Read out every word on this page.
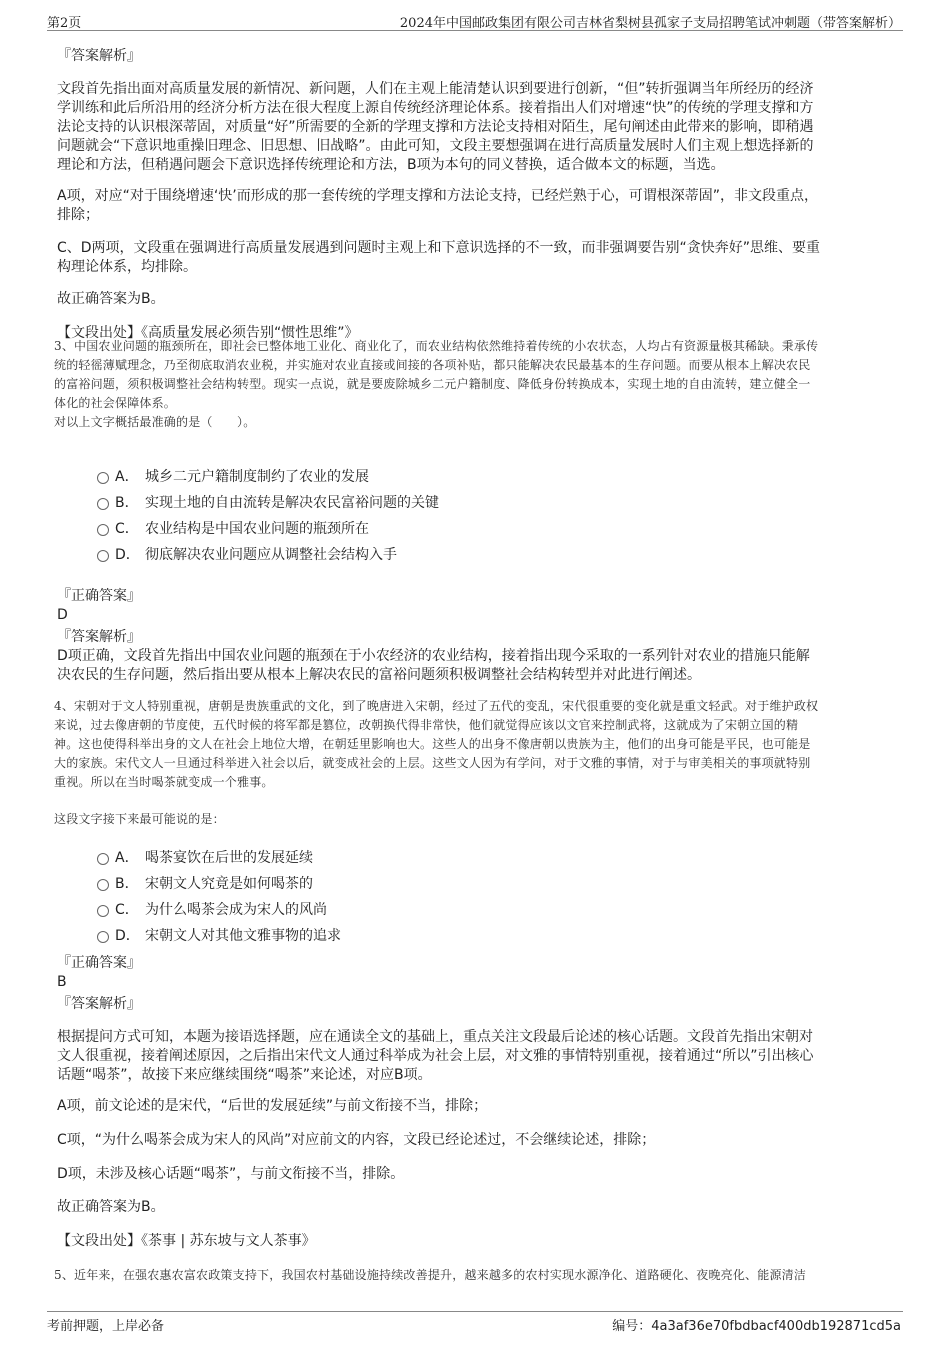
第2页	2024年中国邮政集团有限公司吉林省梨树县孤家子支局招聘笔试冲刺题（带答案解析）

『答案解析』

文段首先指出面对高质量发展的新情况、新问题，人们在主观上能清楚认识到要进行创新，“但”转折强调当年所经历的经济

学训练和此后所沿用的经济分析方法在很大程度上源自传统经济理论体系。接着指出人们对增速“快”的传统的学理支撑和方

法论支持的认识根深蒂固，对质量“好”所需要的全新的学理支撑和方法论支持相对陌生，尾句阐述由此带来的影响，即稍遇

问题就会“下意识地重操旧理念、旧思想、旧战略”。由此可知，文段主要想强调在进行高质量发展时人们主观上想选择新的

理论和方法，但稍遇问题会下意识选择传统理论和方法，B项为本句的同义替换，适合做本文的标题，当选。

A项，对应“对于围绕增速‘快’而形成的那一套传统的学理支撑和方法论支持，已经烂熟于心，可谓根深蒂固”，非文段重点，

排除；

C、D两项，文段重在强调进行高质量发展遇到问题时主观上和下意识选择的不一致，而非强调要告别“贪快奔好”思维、要重

构理论体系，均排除。

故正确答案为B。

【文段出处】《高质量发展必须告别“惯性思维”》

3、中国农业问题的瓶颈所在，即社会已整体地工业化、商业化了，而农业结构依然维持着传统的小农状态，人均占有资源量极其稀缺。秉承传

统的轻徭薄赋理念，乃至彻底取消农业税，并实施对农业直接或间接的各项补贴，都只能解决农民最基本的生存问题。而要从根本上解决农民

的富裕问题，须积极调整社会结构转型。现实一点说，就是要废除城乡二元户籍制度、降低身份转换成本，实现土地的自由流转，建立健全一

体化的社会保障体系。

对以上文字概括最准确的是（　　）。

A． 城乡二元户籍制度制约了农业的发展
B． 实现土地的自由流转是解决农民富裕问题的关键
C． 农业结构是中国农业问题的瓶颈所在
D． 彻底解决农业问题应从调整社会结构入手

『正确答案』

D

『答案解析』

D项正确，文段首先指出中国农业问题的瓶颈在于小农经济的农业结构，接着指出现今采取的一系列针对农业的措施只能解

决农民的生存问题，然后指出要从根本上解决农民的富裕问题须积极调整社会结构转型并对此进行阐述。

4、宋朝对于文人特别重视，唐朝是贵族重武的文化，到了晚唐进入宋朝，经过了五代的变乱，宋代很重要的变化就是重文轻武。对于维护政权

来说，过去像唐朝的节度使，五代时候的将军都是篡位，改朝换代得非常快，他们就觉得应该以文官来控制武将，这就成为了宋朝立国的精

神。这也使得科举出身的文人在社会上地位大增，在朝廷里影响也大。这些人的出身不像唐朝以贵族为主，他们的出身可能是平民，也可能是

大的家族。宋代文人一旦通过科举进入社会以后，就变成社会的上层。这些文人因为有学问，对于文雅的事情，对于与审美相关的事项就特别

重视。所以在当时喝茶就变成一个雅事。

这段文字接下来最可能说的是：

A． 喝茶宴饮在后世的发展延续
B． 宋朝文人究竟是如何喝茶的
C． 为什么喝茶会成为宋人的风尚
D． 宋朝文人对其他文雅事物的追求

『正确答案』

B

『答案解析』

根据提问方式可知，本题为接语选择题，应在通读全文的基础上，重点关注文段最后论述的核心话题。文段首先指出宋朝对

文人很重视，接着阐述原因，之后指出宋代文人通过科举成为社会上层，对文雅的事情特别重视，接着通过“所以”引出核心

话题“喝茶”，故接下来应继续围绕“喝茶”来论述，对应B项。

A项，前文论述的是宋代，“后世的发展延续”与前文衔接不当，排除；

C项，“为什么喝茶会成为宋人的风尚”对应前文的内容，文段已经论述过，不会继续论述，排除；

D项，未涉及核心话题“喝茶”，与前文衔接不当，排除。

故正确答案为B。

【文段出处】《茶事 | 苏东坡与文人茶事》

5、近年来，在强农惠农富农政策支持下，我国农村基础设施持续改善提升，越来越多的农村实现水源净化、道路硬化、夜晚亮化、能源清洁

考前押题，上岸必备	编号：4a3af36e70fbdbacf400db192871cd5a
